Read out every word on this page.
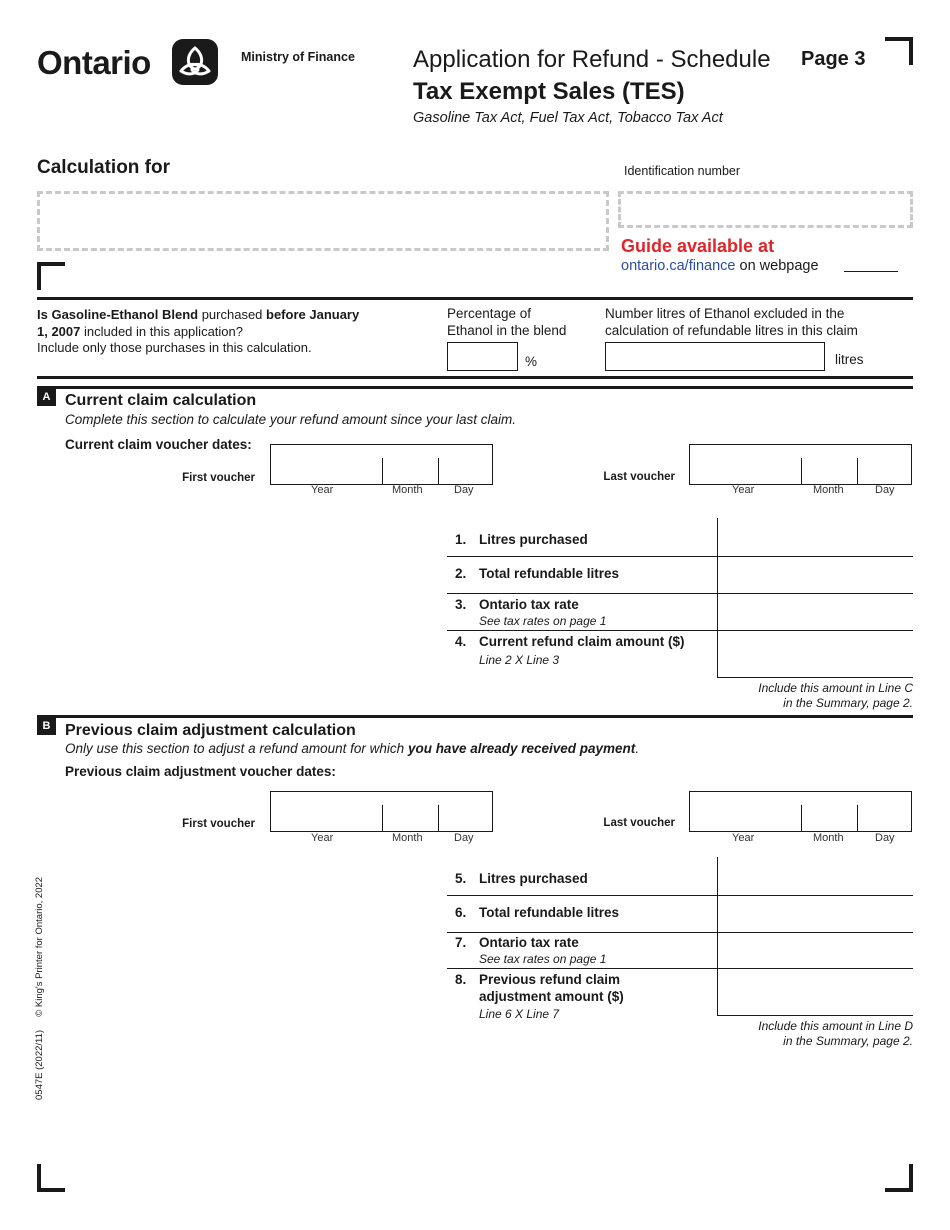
Ontario	Ministry of Finance Application for Refund - Schedule
Tax Exempt Sales (TES)
Gasoline Tax Act, Fuel Tax Act, Tobacco Tax Act
Page 3
Calculation for	Identification number
Guide available at
ontario.ca/finance on webpage
Is Gasoline-Ethanol Blend purchased before January 1, 2007 included in this application?
Include only those purchases in this calculation.
Percentage of
Ethanol in the blend
%
Number litres of Ethanol excluded in the
calculation of refundable litres in this claim
litres
A Current claim calculation
Complete this section to calculate your refund amount since your last claim.
Current claim voucher dates:
First voucher
Year	Month	Day
Last voucher
Year	Month	Day
1. Litres purchased
2. Total refundable litres
3. Ontario tax rate
See tax rates on page 1
4. Current refund claim amount ($)
Line 2 X Line 3
Include this amount in Line C
in the Summary, page 2.
B Previous claim adjustment calculation
Only use this section to adjust a refund amount for which you have already received payment.
Previous claim adjustment voucher dates:
First voucher
Year	Month	Day
Last voucher
Year	Month	Day
5. Litres purchased
6. Total refundable litres
7. Ontario tax rate
See tax rates on page 1
8. Previous refund claim
adjustment amount ($)
Line 6 X Line 7
Include this amount in Line D
in the Summary, page 2.
0547E (2022/11)     © King's Printer for Ontario, 2022
